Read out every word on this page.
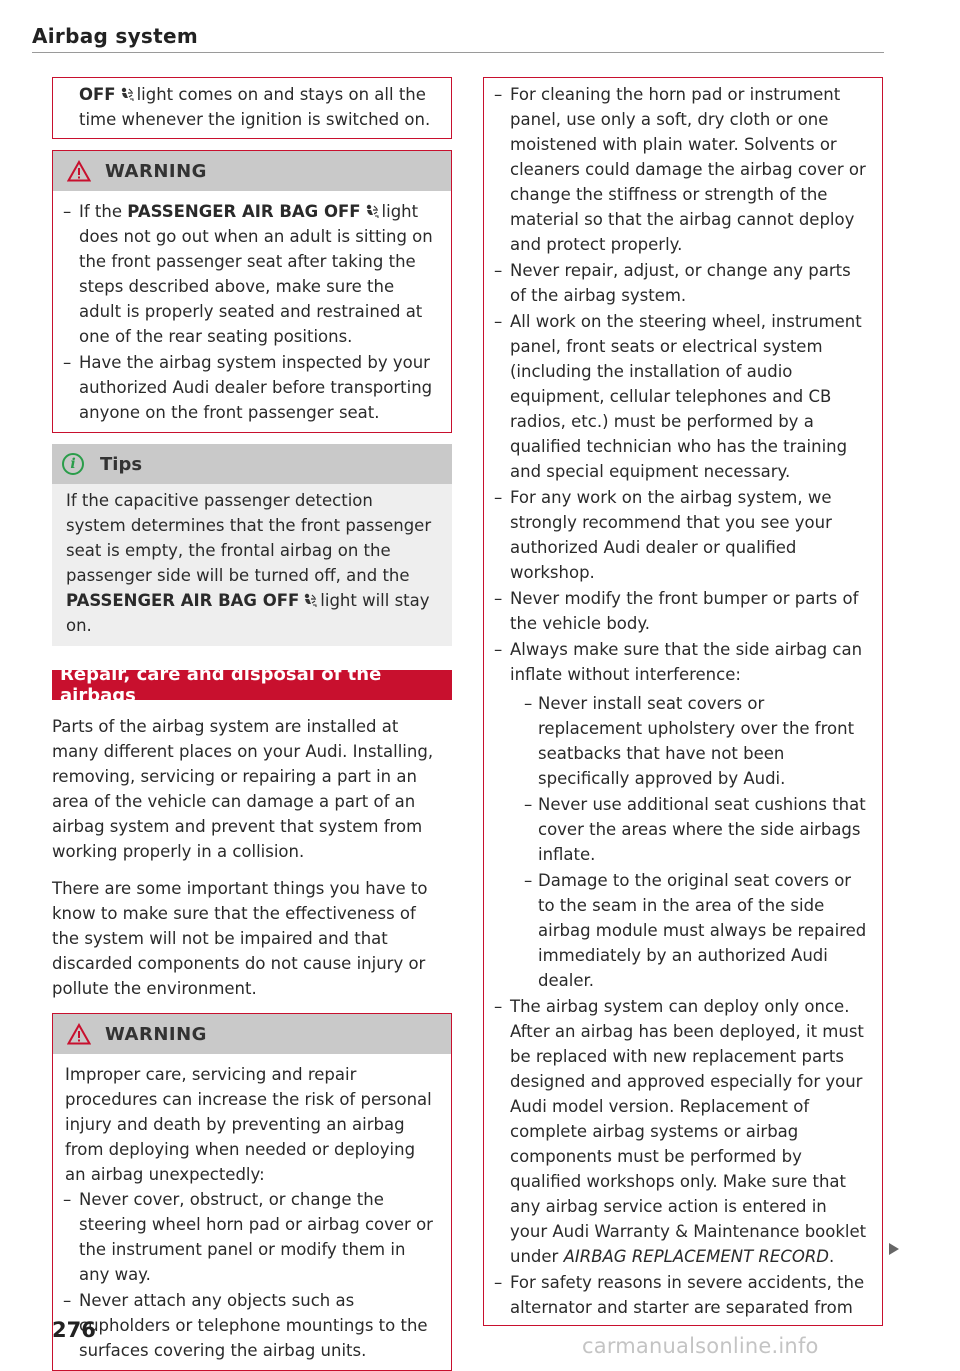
Airbag system

OFF light comes on and stays on all the time whenever the ignition is switched on.

WARNING
– If the PASSENGER AIR BAG OFF light does not go out when an adult is sitting on the front passenger seat after taking the steps described above, make sure the adult is properly seated and restrained at one of the rear seating positions.
– Have the airbag system inspected by your authorized Audi dealer before transporting anyone on the front passenger seat.
i	Tips

If the capacitive passenger detection system determines that the front passenger seat is empty, the frontal airbag on the passenger side will be turned off, and the PASSENGER AIR BAG OFF light will stay on.

Repair, care and disposal of the airbags

Parts of the airbag system are installed at many different places on your Audi. Installing, removing, servicing or repairing a part in an area of the vehicle can damage a part of an airbag system and prevent that system from working properly in a collision.

There are some important things you have to know to make sure that the effectiveness of the system will not be impaired and that discarded components do not cause injury or pollute the environment.

WARNING

Improper care, servicing and repair procedures can increase the risk of personal injury and death by preventing an airbag from deploying when needed or deploying an airbag unexpectedly:

– Never cover, obstruct, or change the steering wheel horn pad or airbag cover or the instrument panel or modify them in any way.
– Never attach any objects such as cupholders or telephone mountings to the surfaces covering the airbag units.
– For cleaning the horn pad or instrument panel, use only a soft, dry cloth or one moistened with plain water. Solvents or cleaners could damage the airbag cover or change the stiffness or strength of the material so that the airbag cannot deploy and protect properly.
– Never repair, adjust, or change any parts of the airbag system.
– All work on the steering wheel, instrument panel, front seats or electrical system (including the installation of audio equipment, cellular telephones and CB radios, etc.) must be performed by a qualified technician who has the training and special equipment necessary.
– For any work on the airbag system, we strongly recommend that you see your authorized Audi dealer or qualified workshop.
– Never modify the front bumper or parts of the vehicle body.
– Always make sure that the side airbag can inflate without interference:
– Never install seat covers or replacement upholstery over the front seatbacks that have not been specifically approved by Audi.
– Never use additional seat cushions that cover the areas where the side airbags inflate.
– Damage to the original seat covers or to the seam in the area of the side airbag module must always be repaired immediately by an authorized Audi dealer.
– The airbag system can deploy only once. After an airbag has been deployed, it must be replaced with new replacement parts designed and approved especially for your Audi model version. Replacement of complete airbag systems or airbag components must be performed by qualified workshops only. Make sure that any airbag service action is entered in your Audi Warranty & Maintenance booklet under AIRBAG REPLACEMENT RECORD.
– For safety reasons in severe accidents, the alternator and starter are separated from
276
carmanualsonline.info
